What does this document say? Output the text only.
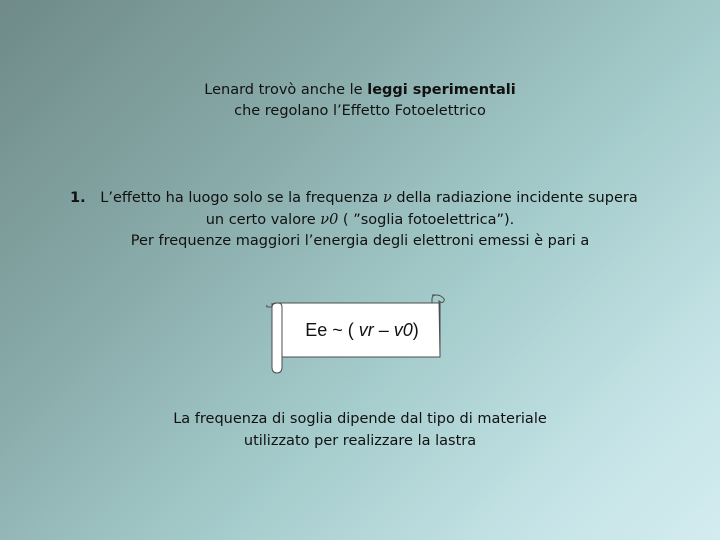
Lenard trovò anche le leggi sperimentali
che regolano l’Effetto Fotoelettrico
1.	L’effetto ha luogo solo se la frequenza ν della radiazione incidente supera
un certo valore ν0 ( ”soglia fotoelettrica”).
Per frequenze maggiori l’energia degli elettroni emessi è pari a
Ee ~ ( vr – v0)
La frequenza di soglia dipende dal tipo di materiale
utilizzato per realizzare la lastra
